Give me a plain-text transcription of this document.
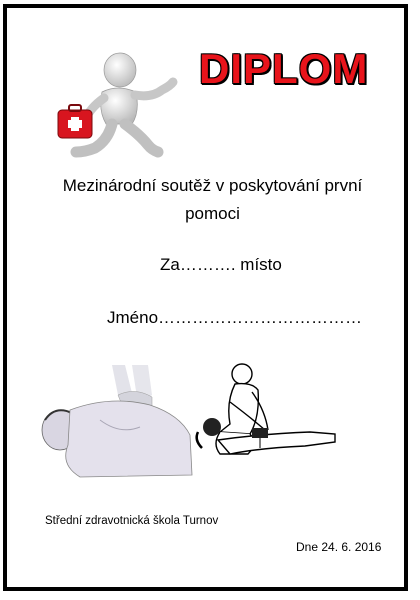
DIPLOM
Mezinárodní soutěž v poskytování první pomoci
Za………. místo
Jméno………………………………
Střední zdravotnická škola Turnov
Dne 24. 6. 2016
